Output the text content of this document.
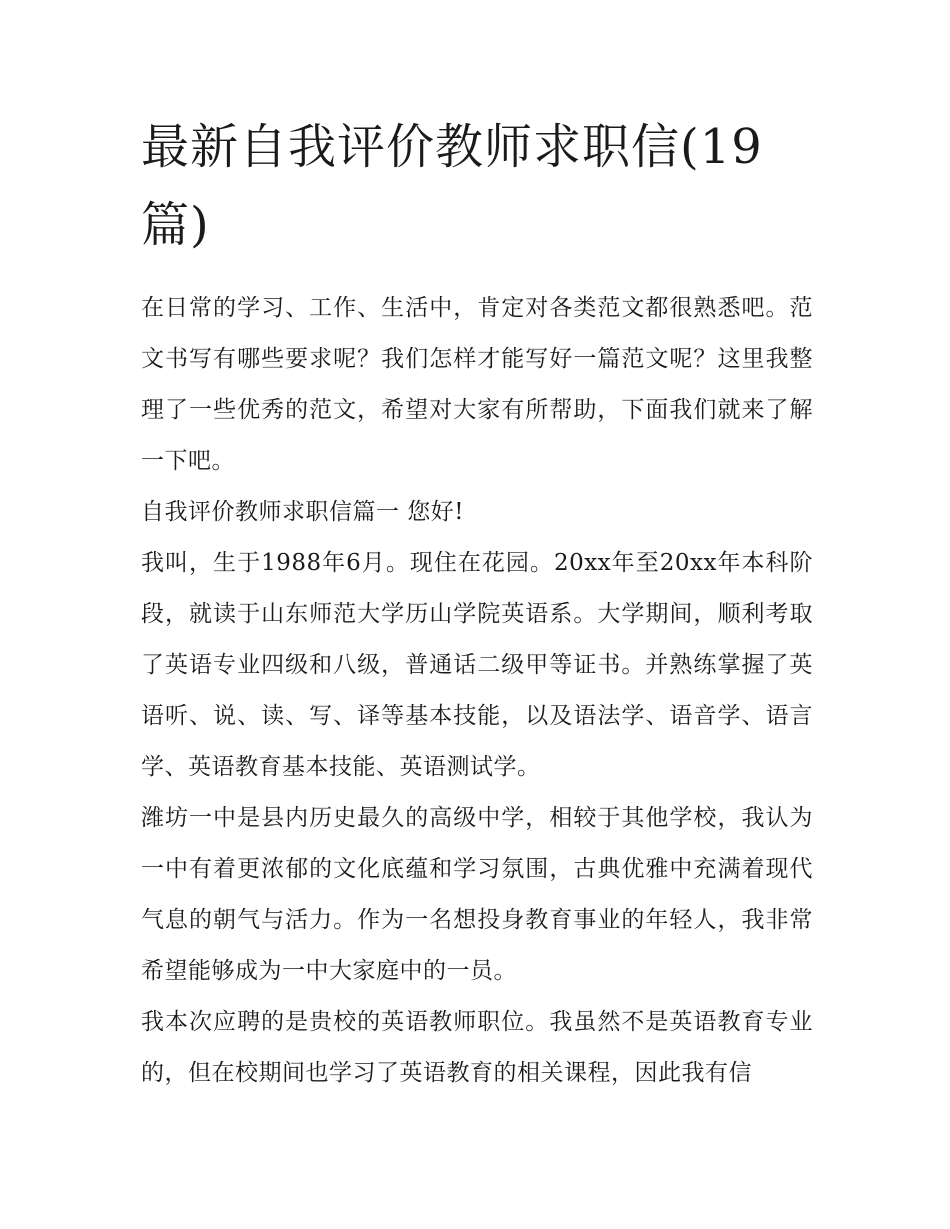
最新自我评价教师求职信(19篇)

在日常的学习、工作、生活中，肯定对各类范文都很熟悉吧。范文书写有哪些要求呢？我们怎样才能写好一篇范文呢？这里我整理了一些优秀的范文，希望对大家有所帮助，下面我们就来了解一下吧。

自我评价教师求职信篇一 您好!

我叫，生于1988年6月。现住在花园。20xx年至20xx年本科阶段，就读于山东师范大学历山学院英语系。大学期间，顺利考取了英语专业四级和八级，普通话二级甲等证书。并熟练掌握了英语听、说、读、写、译等基本技能，以及语法学、语音学、语言学、英语教育基本技能、英语测试学。

潍坊一中是县内历史最久的高级中学，相较于其他学校，我认为一中有着更浓郁的文化底蕴和学习氛围，古典优雅中充满着现代气息的朝气与活力。作为一名想投身教育事业的年轻人，我非常希望能够成为一中大家庭中的一员。

我本次应聘的是贵校的英语教师职位。我虽然不是英语教育专业的，但在校期间也学习了英语教育的相关课程，因此我有信
